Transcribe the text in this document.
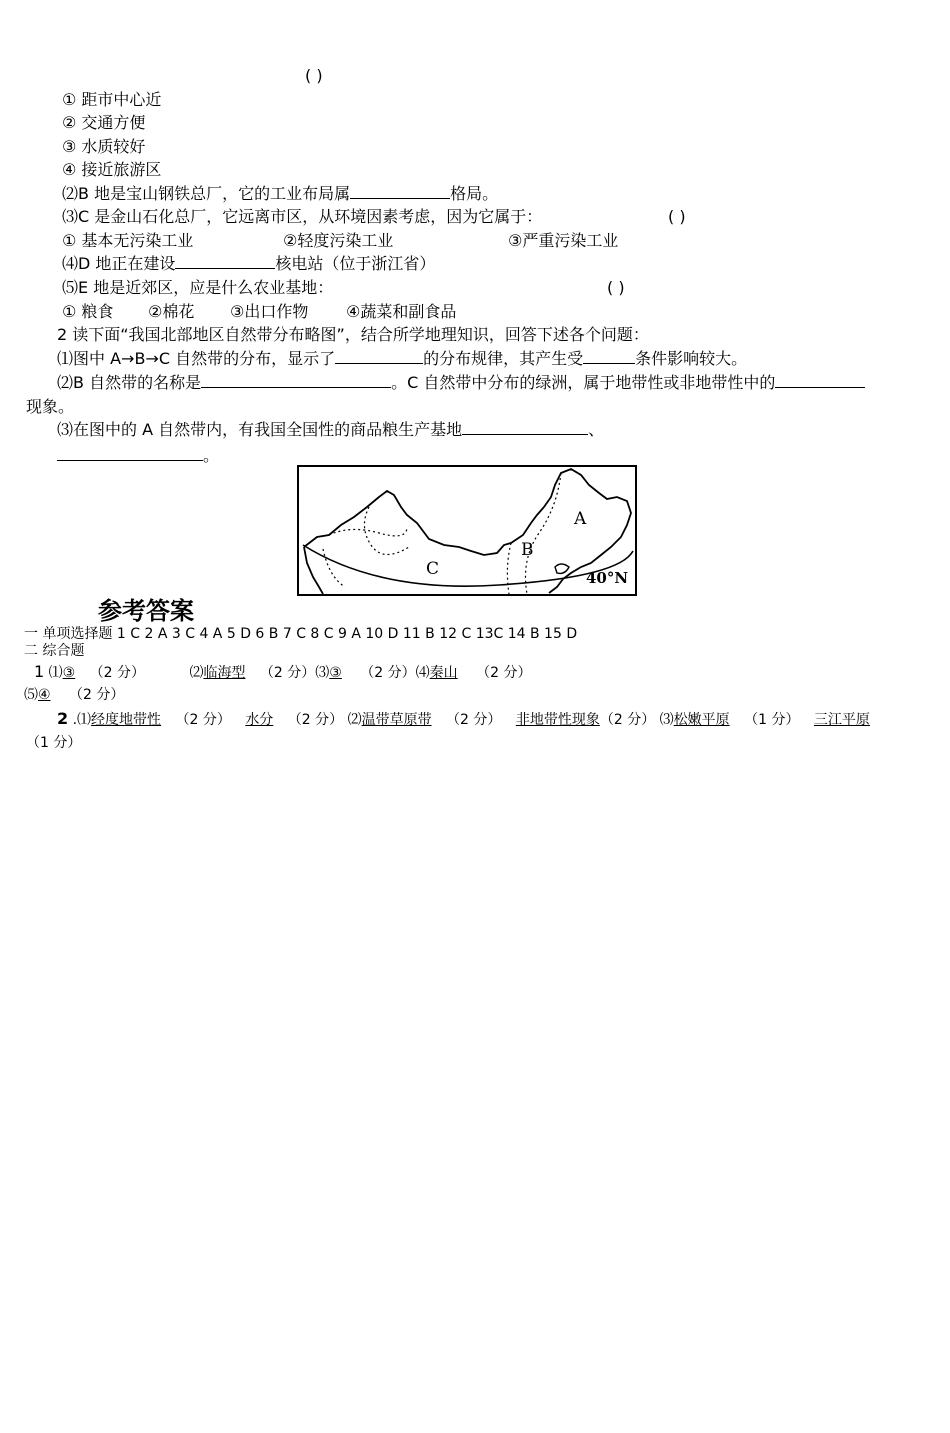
( )
① 距市中心近
② 交通方便
③ 水质较好
④ 接近旅游区
⑵B 地是宝山钢铁总厂，它的工业布局属	格局。
⑶C 是金山石化总厂，它远离市区，从环境因素考虑，因为它属于：	( )
① 基本无污染工业	②轻度污染工业	③严重污染工业
⑷D 地正在建设	核电站（位于浙江省）
⑸E 地是近郊区，应是什么农业基地：	( )
① 粮食 ②棉花 ③出口作物 ④蔬菜和副食品
2 读下面“我国北部地区自然带分布略图”，结合所学地理知识，回答下述各个问题：
⑴图中 A→B→C 自然带的分布，显示了	的分布规律，其产生受	条件影响较大。
⑵B 自然带的名称是	。C 自然带中分布的绿洲，属于地带性或非地带性中的
现象。
⑶在图中的 A 自然带内，有我国全国性的商品粮生产基地	、
。
A
B
C	40°N
参考答案
一 单项选择题 1 C 2 A 3 C 4 A 5 D 6 B 7 C 8 C 9 A 10 D 11 B 12 C 13C 14 B 15 D
二 综合题
1 ⑴③ （2 分）	⑵临海型 （2 分）⑶③ （2 分）⑷秦山 （2 分）
⑸④ （2 分）
2 .⑴经度地带性 （2 分） 水分 （2 分） ⑵温带草原带 （2 分） 非地带性现象（2 分） ⑶松嫩平原 （1 分） 三江平原
（1 分）
